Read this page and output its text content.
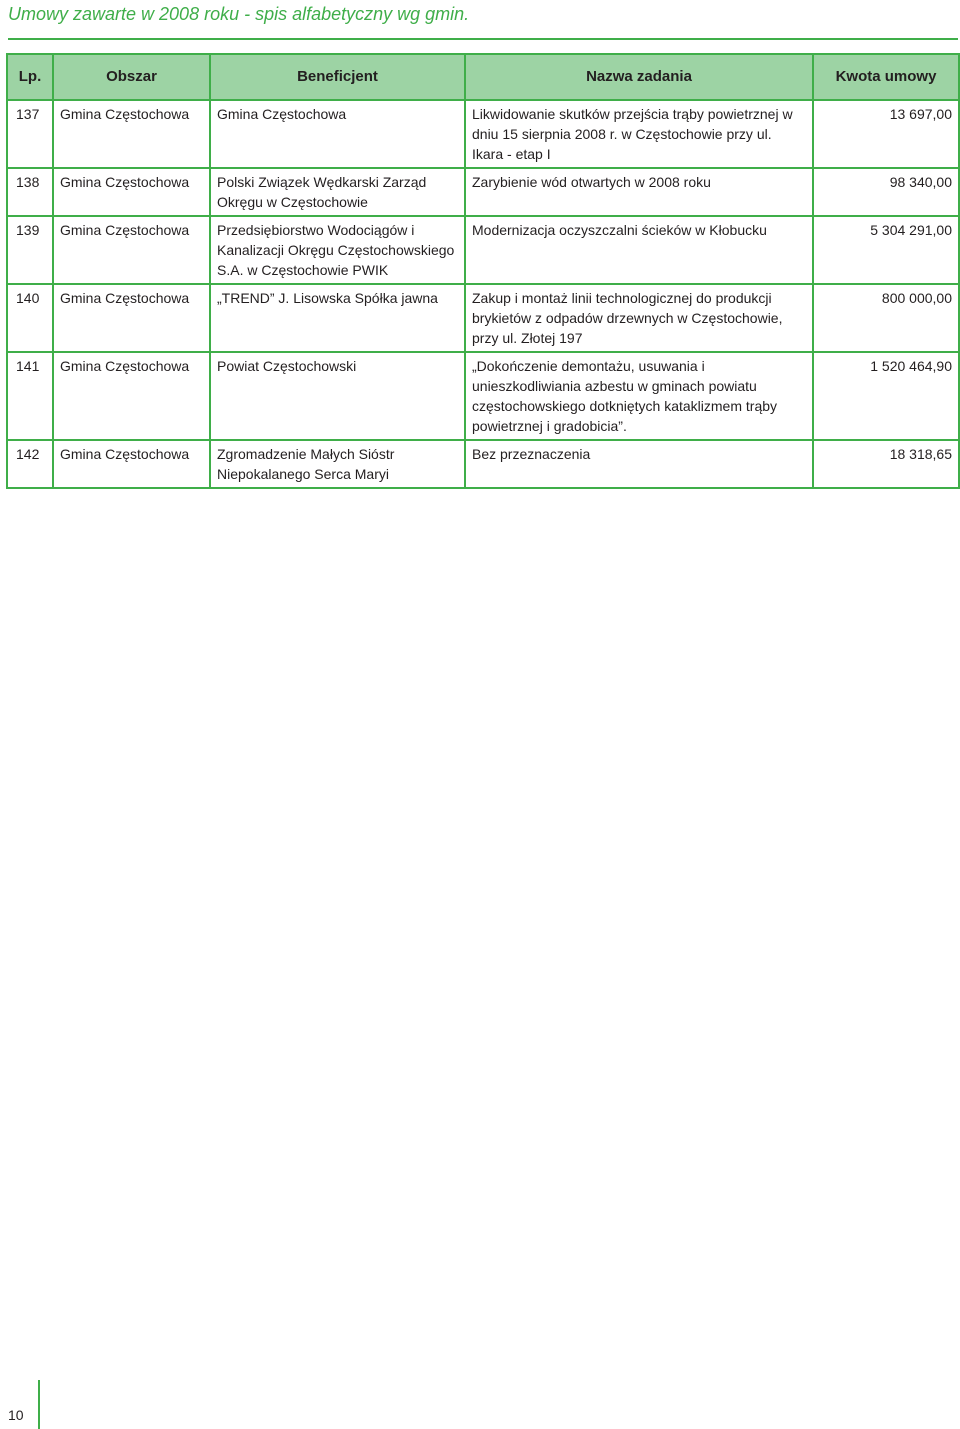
Umowy zawarte w 2008 roku - spis alfabetyczny wg gmin.
Lp.	Obszar	Beneficjent	Nazwa zadania	Kwota umowy
137	Gmina Częstochowa	Gmina Częstochowa	Likwidowanie skutków przejścia trąby powietrznej w dniu 15 sierpnia 2008 r. w Częstochowie przy ul. Ikara - etap I	13 697,00
138	Gmina Częstochowa	Polski Związek Wędkarski Zarząd Okręgu w Częstochowie	Zarybienie wód otwartych w 2008 roku	98 340,00
139	Gmina Częstochowa	Przedsiębiorstwo Wodociągów i Kanalizacji Okręgu Częstochowskiego S.A. w Częstochowie PWIK	Modernizacja oczyszczalni ścieków w Kłobucku	5 304 291,00
140	Gmina Częstochowa	„TREND” J. Lisowska Spółka jawna	Zakup i montaż linii technologicznej do produkcji brykietów z odpadów drzewnych w Częstochowie, przy ul. Złotej 197	800 000,00
141	Gmina Częstochowa	Powiat Częstochowski	„Dokończenie demontażu, usuwania i unieszkodliwiania azbestu w gminach powiatu częstochowskiego dotkniętych kataklizmem trąby powietrznej i gradobicia”.	1 520 464,90
142	Gmina Częstochowa	Zgromadzenie Małych Sióstr Niepokalanego Serca Maryi	Bez przeznaczenia	18 318,65
10
